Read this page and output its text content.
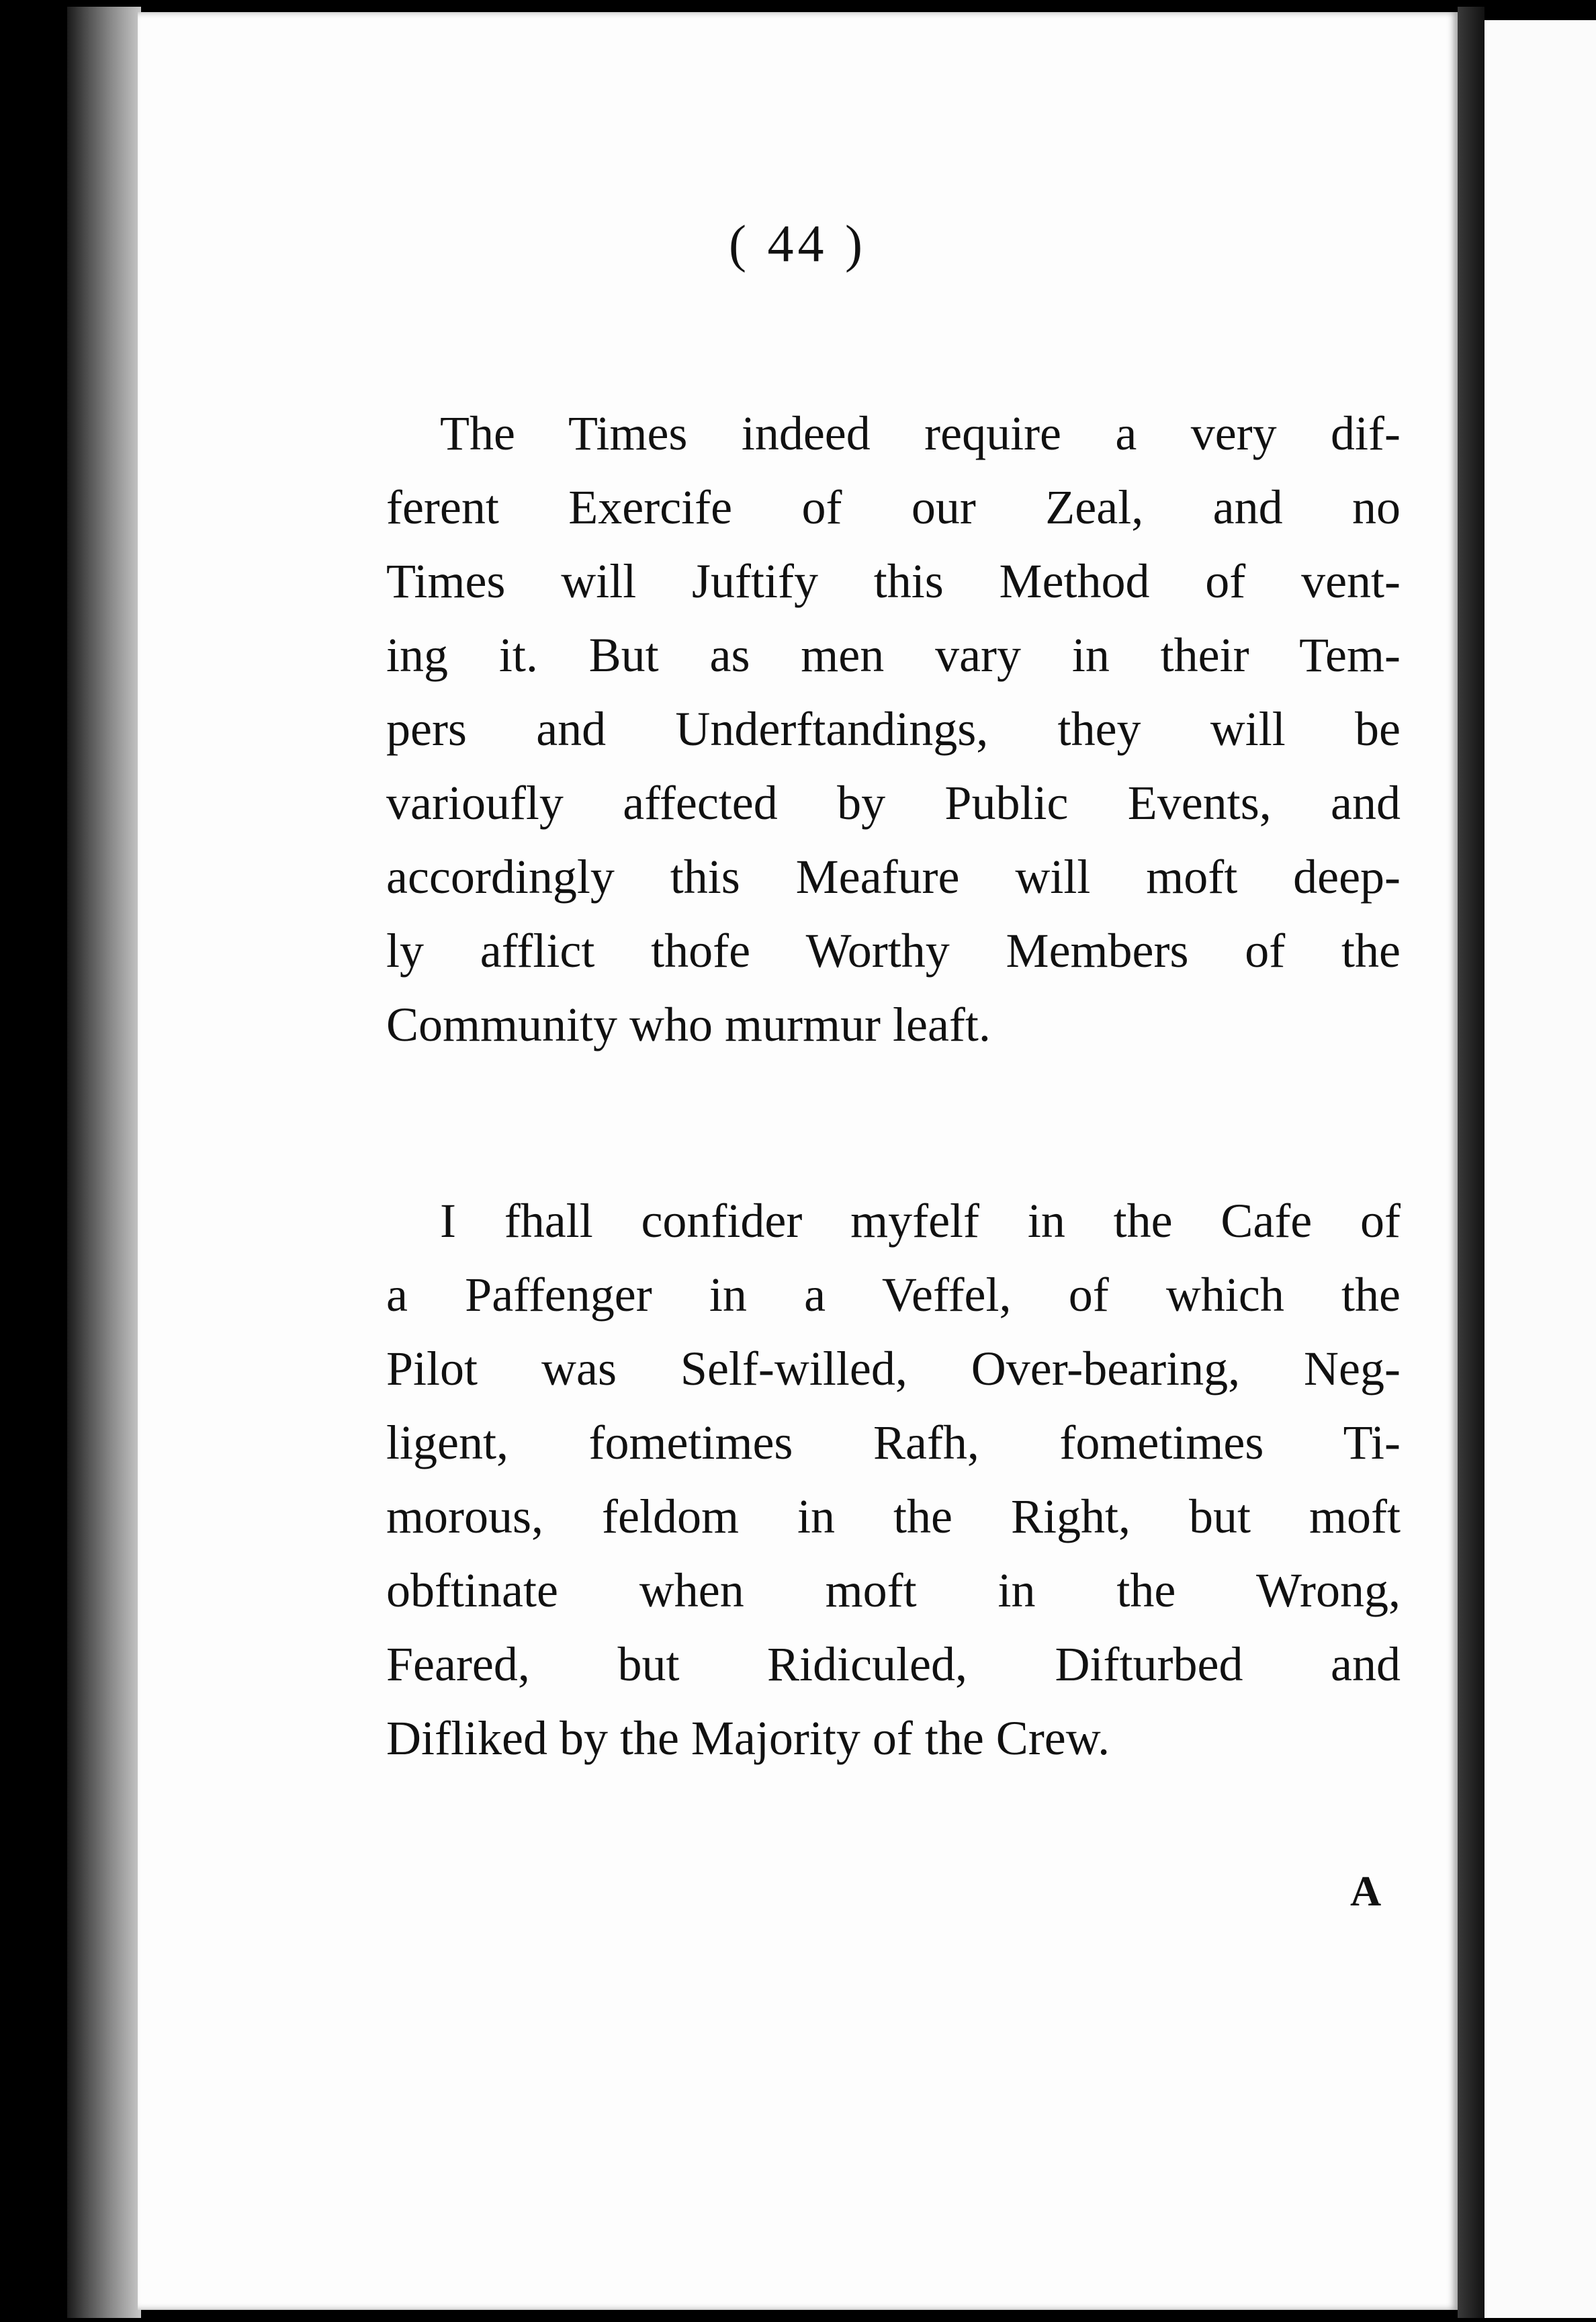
( 44 )
The Times indeed require a very dif-
ferent Exercife of our Zeal, and no
Times will Juftify this Method of vent-
ing it. But as men vary in their Tem-
pers and Underftandings, they will be
varioufly affected by Public Events, and
accordingly this Meafure will moft deep-
ly afflict thofe Worthy Members of the
Community who murmur leaft.
I fhall confider myfelf in the Cafe of
a Paffenger in a Veffel, of which the
Pilot was Self-willed, Over-bearing, Neg-
ligent, fometimes Rafh, fometimes Ti-
morous, feldom in the Right, but moft
obftinate when moft in the Wrong,
Feared, but Ridiculed, Difturbed and
Difliked by the Majority of the Crew.
A
